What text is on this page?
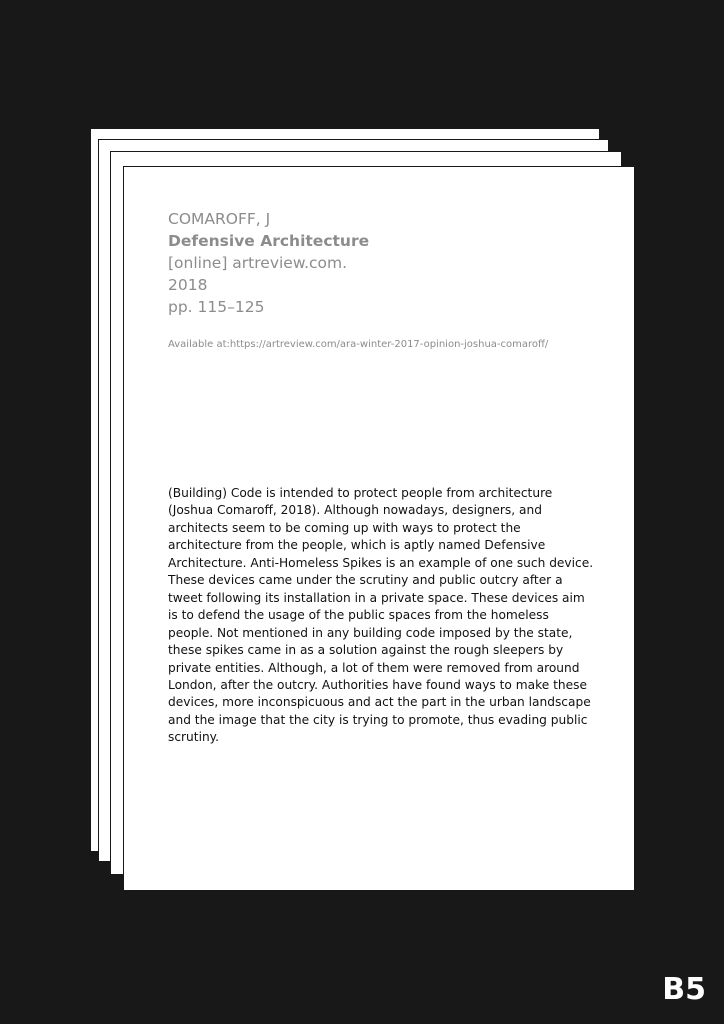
COMAROFF, J
Defensive Architecture
[online] artreview.com.
2018
pp. 115–125
Available at:https://artreview.com/ara-winter-2017-opinion-joshua-comaroff/
(Building) Code is intended to protect people from architecture
(Joshua Comaroff, 2018). Although nowadays, designers, and
architects seem to be coming up with ways to protect the
architecture from the people, which is aptly named Defensive
Architecture. Anti-Homeless Spikes is an example of one such device.
These devices came under the scrutiny and public outcry after a
tweet following its installation in a private space. These devices aim
is to defend the usage of the public spaces from the homeless
people. Not mentioned in any building code imposed by the state,
these spikes came in as a solution against the rough sleepers by
private entities. Although, a lot of them were removed from around
London, after the outcry. Authorities have found ways to make these
devices, more inconspicuous and act the part in the urban landscape
and the image that the city is trying to promote, thus evading public
scrutiny.
B5
